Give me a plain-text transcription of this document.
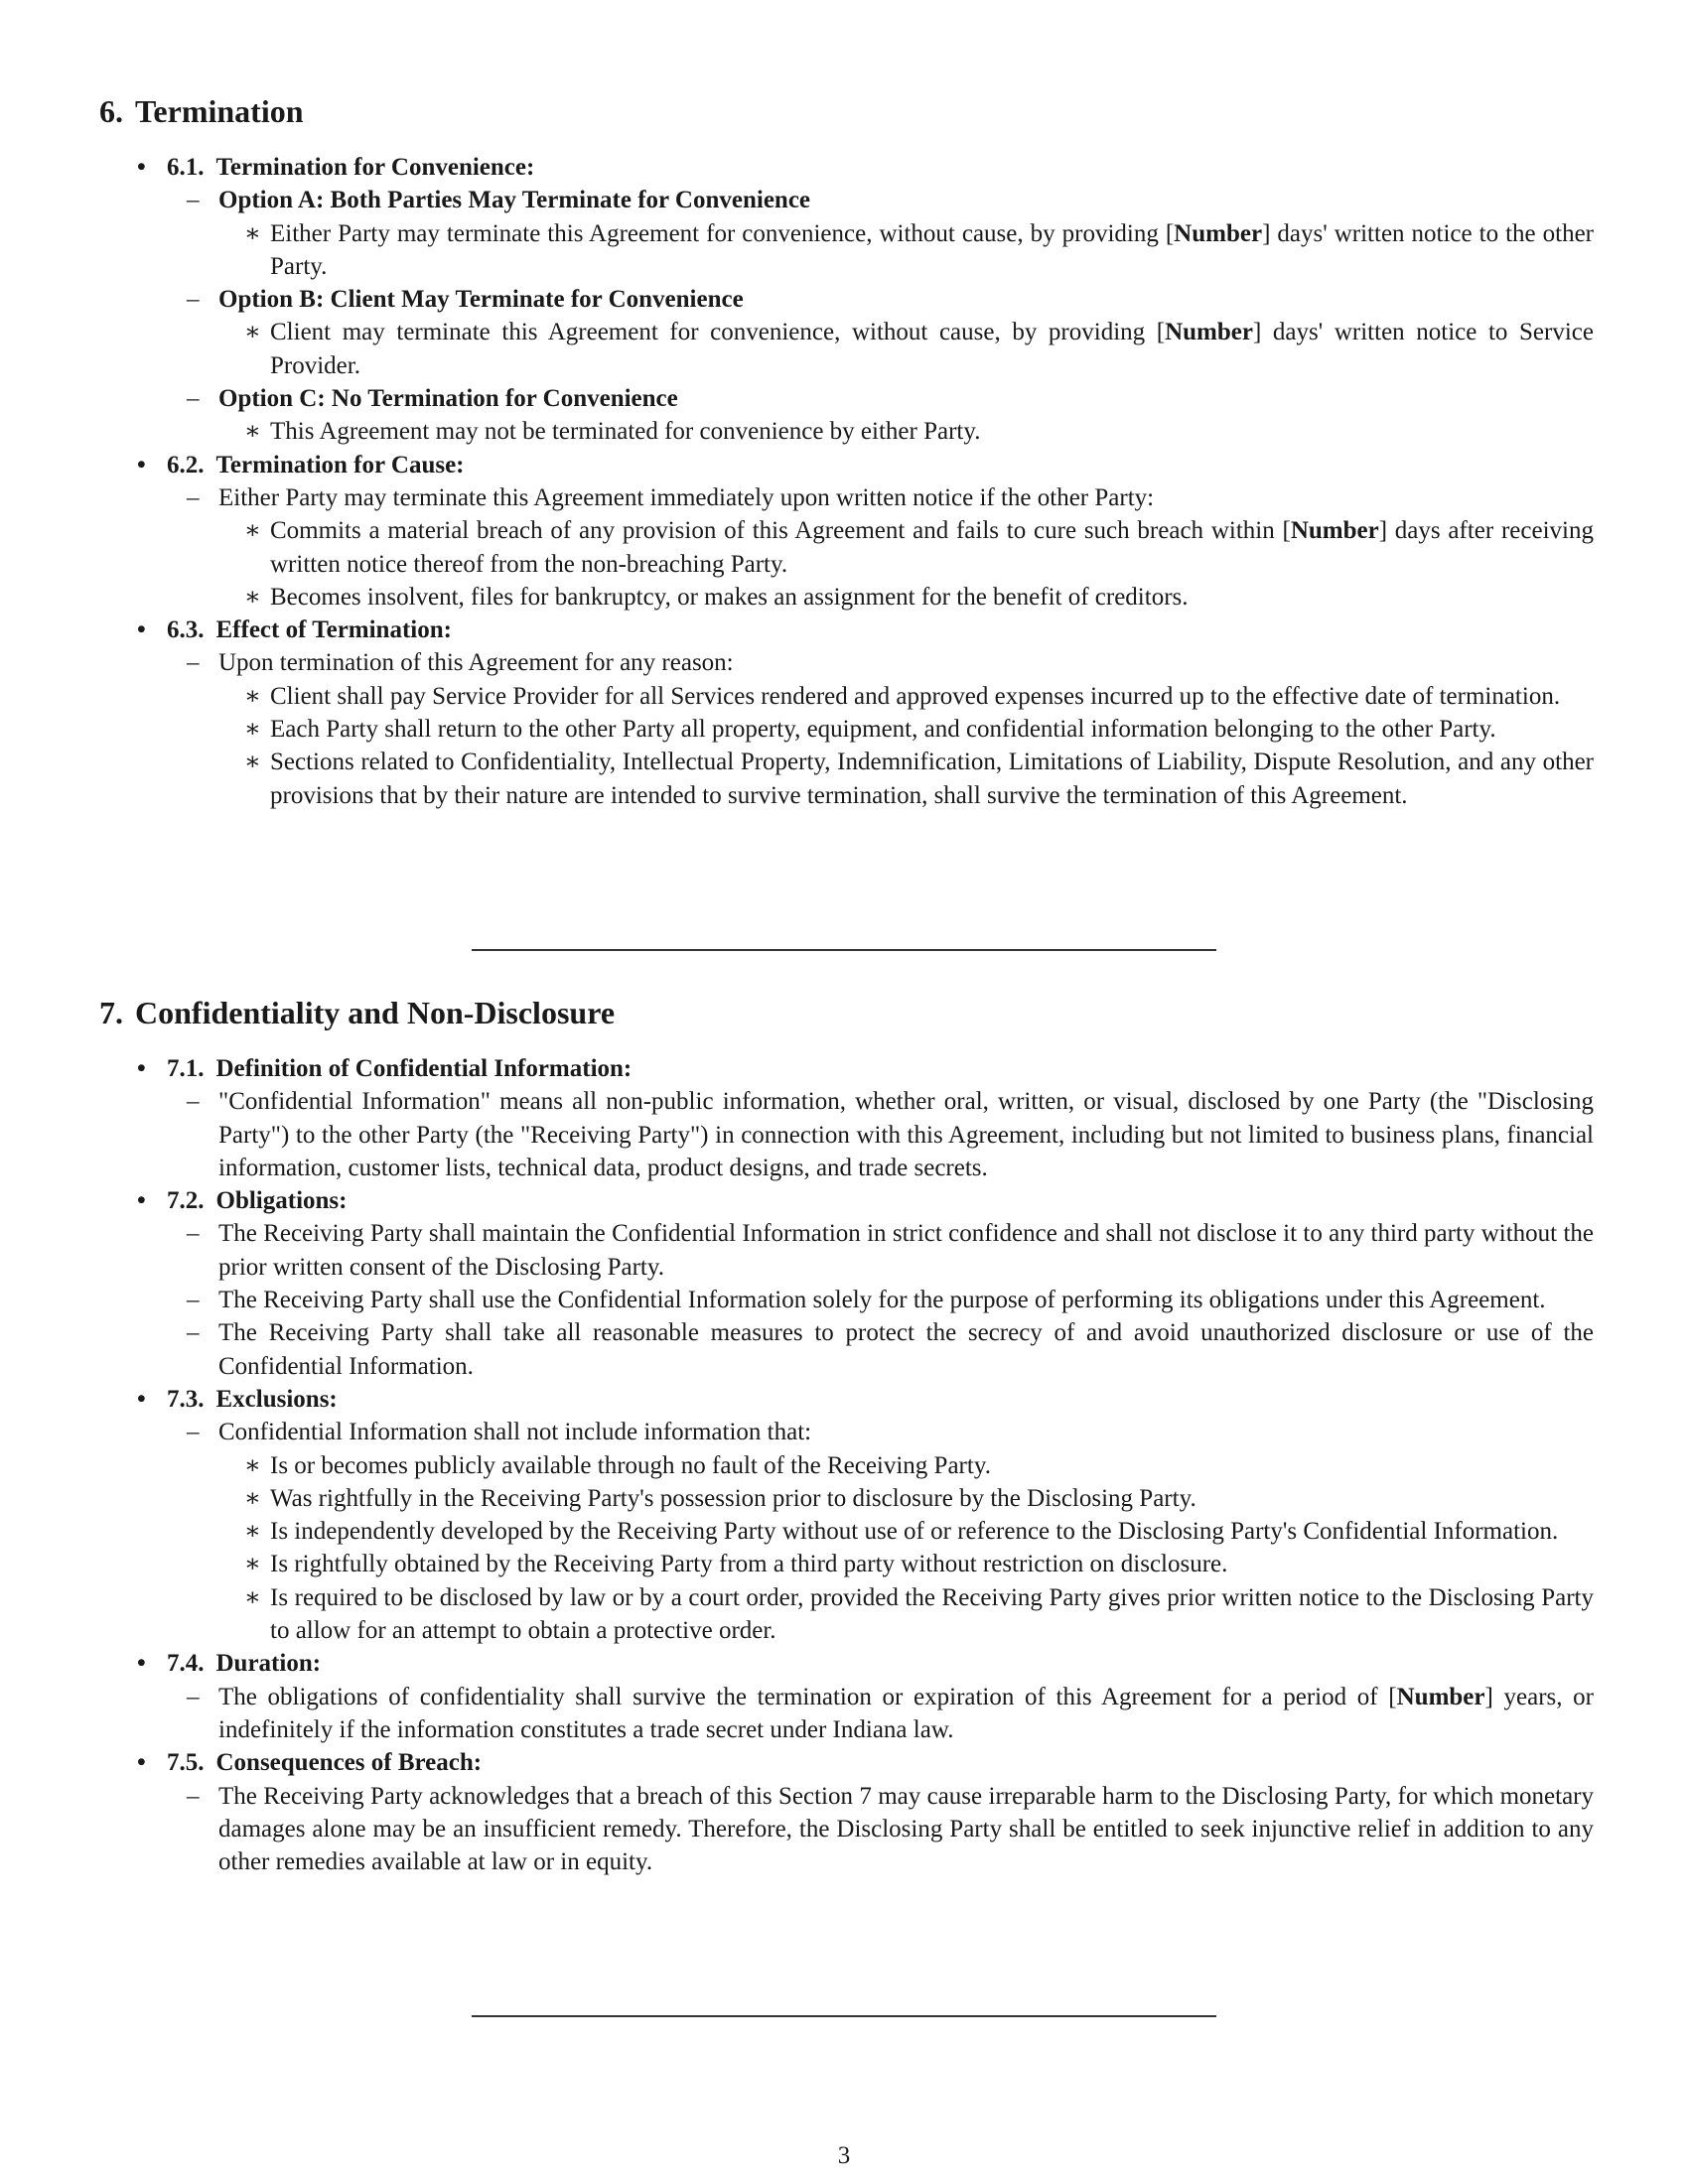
6. Termination
• 6.1. Termination for Convenience:
– Option A: Both Parties May Terminate for Convenience
∗ Either Party may terminate this Agreement for convenience, without cause, by providing [Number] days' written notice to the other Party.
– Option B: Client May Terminate for Convenience
∗ Client may terminate this Agreement for convenience, without cause, by providing [Number] days' written notice to Service Provider.
– Option C: No Termination for Convenience
∗ This Agreement may not be terminated for convenience by either Party.
• 6.2. Termination for Cause:
– Either Party may terminate this Agreement immediately upon written notice if the other Party:
∗ Commits a material breach of any provision of this Agreement and fails to cure such breach within [Number] days after receiving written notice thereof from the non-breaching Party.
∗ Becomes insolvent, files for bankruptcy, or makes an assignment for the benefit of creditors.
• 6.3. Effect of Termination:
– Upon termination of this Agreement for any reason:
∗ Client shall pay Service Provider for all Services rendered and approved expenses incurred up to the effective date of termination.
∗ Each Party shall return to the other Party all property, equipment, and confidential information belonging to the other Party.
∗ Sections related to Confidentiality, Intellectual Property, Indemnification, Limitations of Liability, Dispute Resolution, and any other provisions that by their nature are intended to survive termination, shall survive the termination of this Agreement.
7. Confidentiality and Non-Disclosure
• 7.1. Definition of Confidential Information:
– "Confidential Information" means all non-public information, whether oral, written, or visual, disclosed by one Party (the "Disclosing Party") to the other Party (the "Receiving Party") in connection with this Agreement, including but not limited to business plans, financial information, customer lists, technical data, product designs, and trade secrets.
• 7.2. Obligations:
– The Receiving Party shall maintain the Confidential Information in strict confidence and shall not disclose it to any third party without the prior written consent of the Disclosing Party.
– The Receiving Party shall use the Confidential Information solely for the purpose of performing its obligations under this Agreement.
– The Receiving Party shall take all reasonable measures to protect the secrecy of and avoid unauthorized disclosure or use of the Confidential Information.
• 7.3. Exclusions:
– Confidential Information shall not include information that:
∗ Is or becomes publicly available through no fault of the Receiving Party.
∗ Was rightfully in the Receiving Party's possession prior to disclosure by the Disclosing Party.
∗ Is independently developed by the Receiving Party without use of or reference to the Disclosing Party's Confidential Information.
∗ Is rightfully obtained by the Receiving Party from a third party without restriction on disclosure.
∗ Is required to be disclosed by law or by a court order, provided the Receiving Party gives prior written notice to the Disclosing Party to allow for an attempt to obtain a protective order.
• 7.4. Duration:
– The obligations of confidentiality shall survive the termination or expiration of this Agreement for a period of [Number] years, or indefinitely if the information constitutes a trade secret under Indiana law.
• 7.5. Consequences of Breach:
– The Receiving Party acknowledges that a breach of this Section 7 may cause irreparable harm to the Disclosing Party, for which monetary damages alone may be an insufficient remedy. Therefore, the Disclosing Party shall be entitled to seek injunctive relief in addition to any other remedies available at law or in equity.
3
